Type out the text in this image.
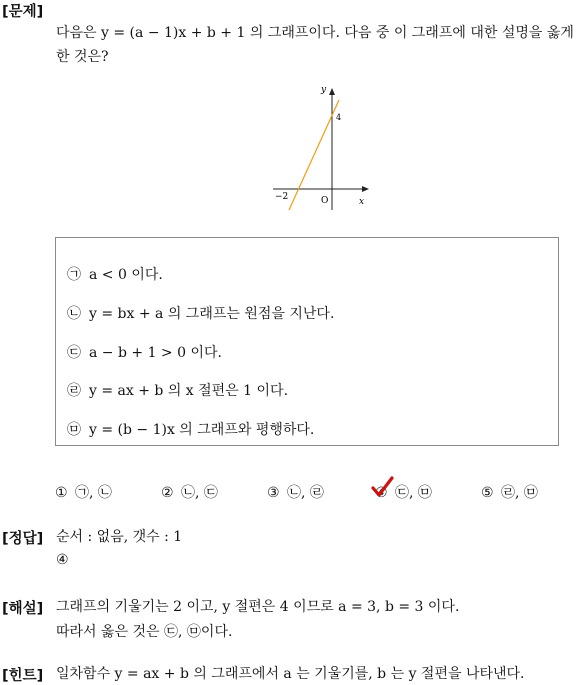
[문제]
다음은 y = (a − 1)x + b + 1 의 그래프이다. 다음 중 이 그래프에 대한 설명을 옳게
한 것은?
y
x
O
4
−2
㉠ a < 0 이다.
㉡ y = bx + a 의 그래프는 원점을 지난다.
㉢ a − b + 1 > 0 이다.
㉣ y = ax + b 의 x 절편은 1 이다.
㉤ y = (b − 1)x 의 그래프와 평행하다.
① ㉠, ㉡	② ㉡, ㉢	③ ㉡, ㉣	④ ㉢, ㉤	⑤ ㉣, ㉤
[정답] 순서 : 없음, 갯수 : 1
④
[해설] 그래프의 기울기는 2 이고, y 절편은 4 이므로 a = 3, b = 3 이다.
따라서 옳은 것은 ㉢, ㉤이다.
[힌트] 일차함수 y = ax + b 의 그래프에서 a 는 기울기를, b 는 y 절편을 나타낸다.
